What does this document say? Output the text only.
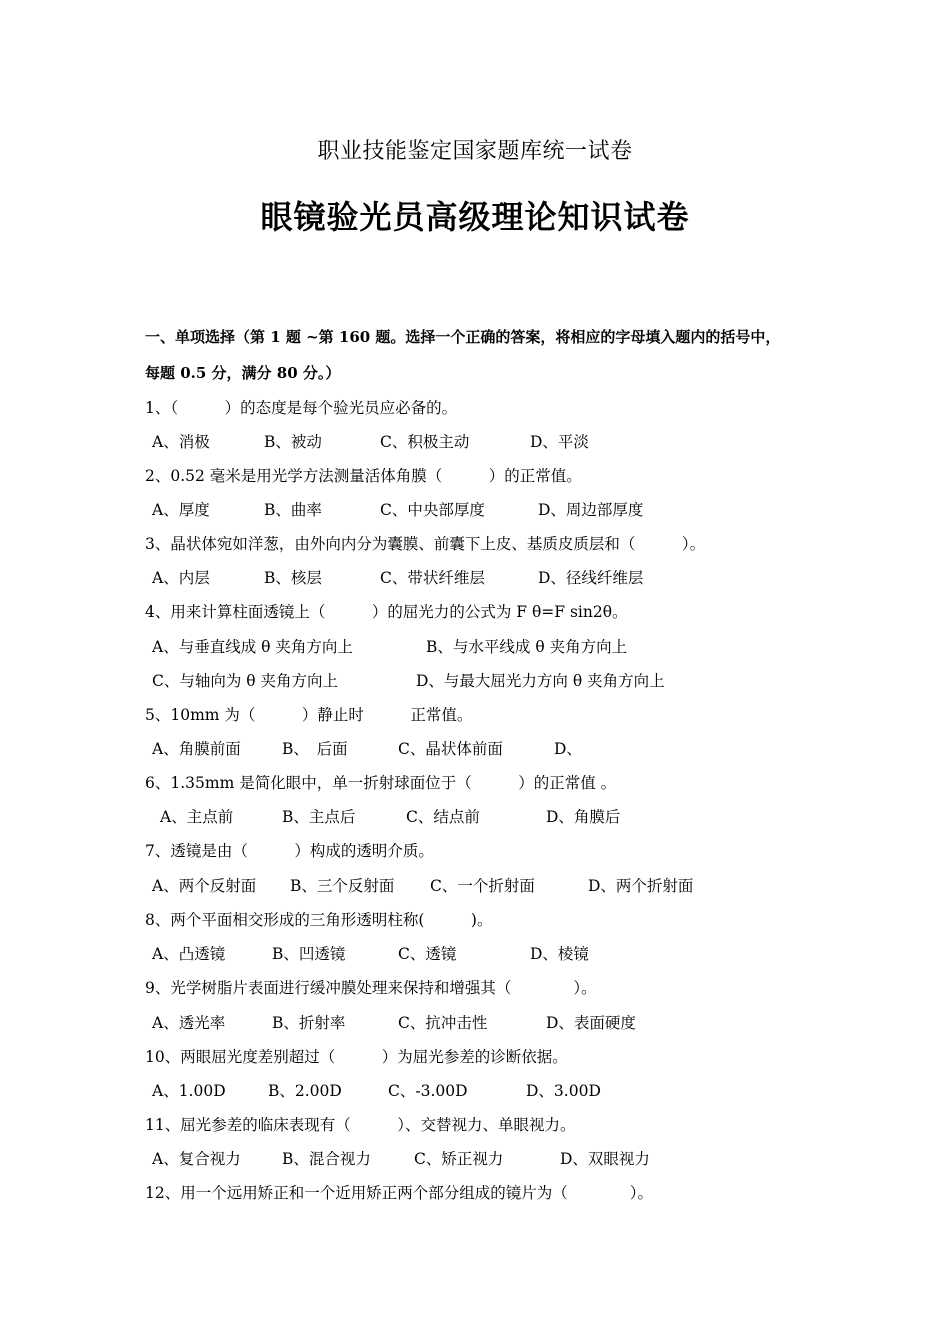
职业技能鉴定国家题库统一试卷
眼镜验光员高级理论知识试卷
一、单项选择（第 1 题 ~第 160 题。选择一个正确的答案，将相应的字母填入题内的括号中，
每题 0.5 分，满分 80 分。）
1、（　　　）的态度是每个验光员应必备的。
A、消极	B、被动	C、积极主动	D、平淡
2、0.52 毫米是用光学方法测量活体角膜（　　　）的正常值。
A、厚度	B、曲率	C、中央部厚度	D、周边部厚度
3、晶状体宛如洋葱，由外向内分为囊膜、前囊下上皮、基质皮质层和（　　　）。
A、内层	B、核层	C、带状纤维层	D、径线纤维层
4、用来计算柱面透镜上（　　　）的屈光力的公式为 F θ=F sin2θ。
A、与垂直线成 θ 夹角方向上	B、与水平线成 θ 夹角方向上
C、与轴向为 θ 夹角方向上	D、与最大屈光力方向 θ 夹角方向上
5、10mm 为（　　　）静止时　　　正常值。
A、角膜前面	B、　后面	C、晶状体前面	D、
6、1.35mm 是简化眼中，单一折射球面位于（　　　）的正常值 。
A、主点前	B、主点后	C、结点前	D、角膜后
7、透镜是由（　　　）构成的透明介质。
A、两个反射面 B、三个反射面 C、一个折射面	D、两个折射面
8、两个平面相交形成的三角形透明柱称(　　　)。
A、凸透镜	B、凹透镜	C、透镜	D、棱镜
9、光学树脂片表面进行缓冲膜处理来保持和增强其（　　　　）。
A、透光率	B、折射率	C、抗冲击性	D、表面硬度
10、两眼屈光度差别超过（　　　）为屈光参差的诊断依据。
A、1.00D	B、2.00D	C、-3.00D	D、3.00D
11、屈光参差的临床表现有（　　　）、交替视力、单眼视力。
A、复合视力	B、混合视力	C、矫正视力	D、双眼视力
12、用一个远用矫正和一个近用矫正两个部分组成的镜片为（　　　　）。
